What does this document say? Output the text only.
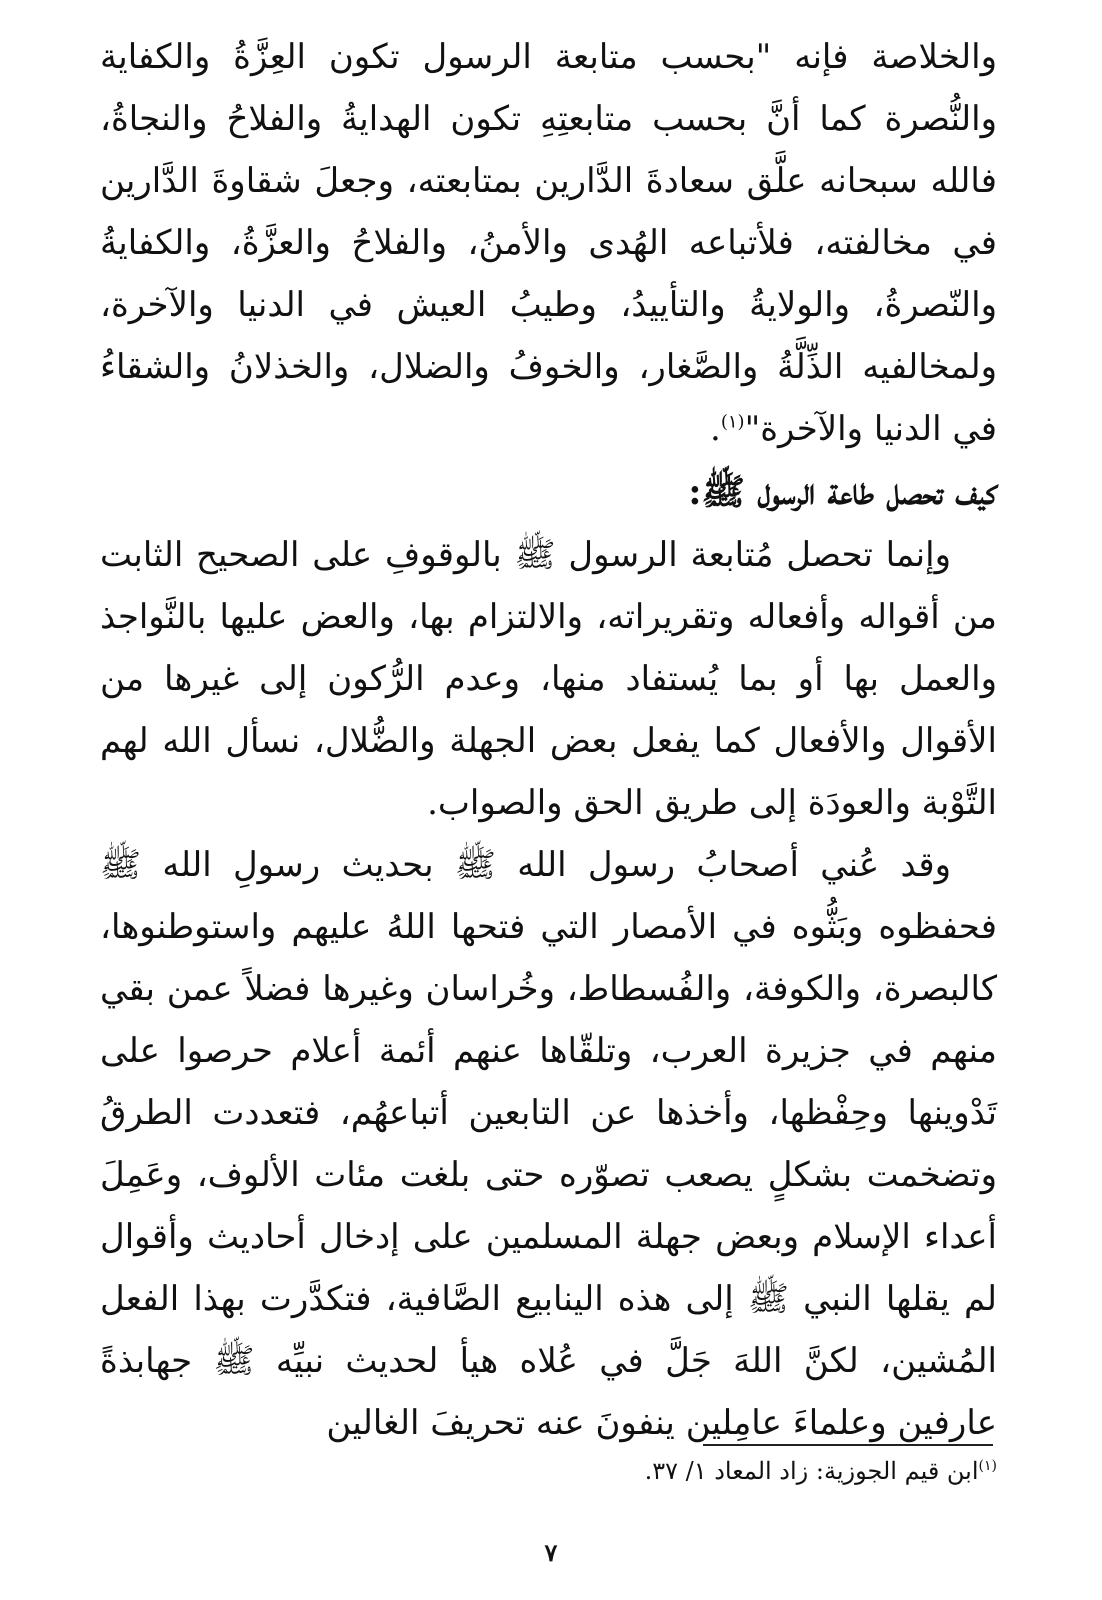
والخلاصة فإنه "بحسب متابعة الرسول تكون العِزَّةُ والكفاية والنُّصرة كما أنَّ بحسب متابعتِهِ تكون الهدايةُ والفلاحُ والنجاةُ، فالله سبحانه علَّق سعادةَ الدَّارين بمتابعته، وجعلَ شقاوةَ الدَّارين في مخالفته، فلأتباعه الهُدى والأمنُ، والفلاحُ والعزَّةُ، والكفايةُ والنّصرةُ، والولايةُ والتأييدُ، وطيبُ العيش في الدنيا والآخرة، ولمخالفيه الذِّلَّةُ والصَّغار، والخوفُ والضلال، والخذلانُ والشقاءُ في الدنيا والآخرة"$^{(١)}$.

كيف تحصل طاعة الرسول ﷺ:

وإنما تحصل مُتابعة الرسول ﷺ بالوقوفِ على الصحيح الثابت من أقواله وأفعاله وتقريراته، والالتزام بها، والعض عليها بالنَّواجذ والعمل بها أو بما يُستفاد منها، وعدم الرُّكون إلى غيرها من الأقوال والأفعال كما يفعل بعض الجهلة والضُّلال، نسأل الله لهم التَّوْبة والعودَة إلى طريق الحق والصواب.

وقد عُني أصحابُ رسول الله ﷺ بحديث رسولِ الله ﷺ فحفظوه وبَثُّوه في الأمصار التي فتحها اللهُ عليهم واستوطنوها، كالبصرة، والكوفة، والفُسطاط، وخُراسان وغيرها فضلاً عمن بقي منهم في جزيرة العرب، وتلقّاها عنهم أئمة أعلام حرصوا على تَدْوينها وحِفْظها، وأخذها عن التابعين أتباعهُم، فتعددت الطرقُ وتضخمت بشكلٍ يصعب تصوّره حتى بلغت مئات الألوف، وعَمِلَ أعداء الإسلام وبعض جهلة المسلمين على إدخال أحاديث وأقوال لم يقلها النبي ﷺ إلى هذه الينابيع الصَّافية، فتكدَّرت بهذا الفعل المُشين، لكنَّ اللهَ جَلَّ في عُلاه هيأ لحديث نبيِّه ﷺ جهابذةً عارفين وعلماءَ عامِلين ينفونَ عنه تحريفَ الغالين

$^{(١)}$ابن قيم الجوزية: زاد المعاد ١/ ٣٧.
٧
